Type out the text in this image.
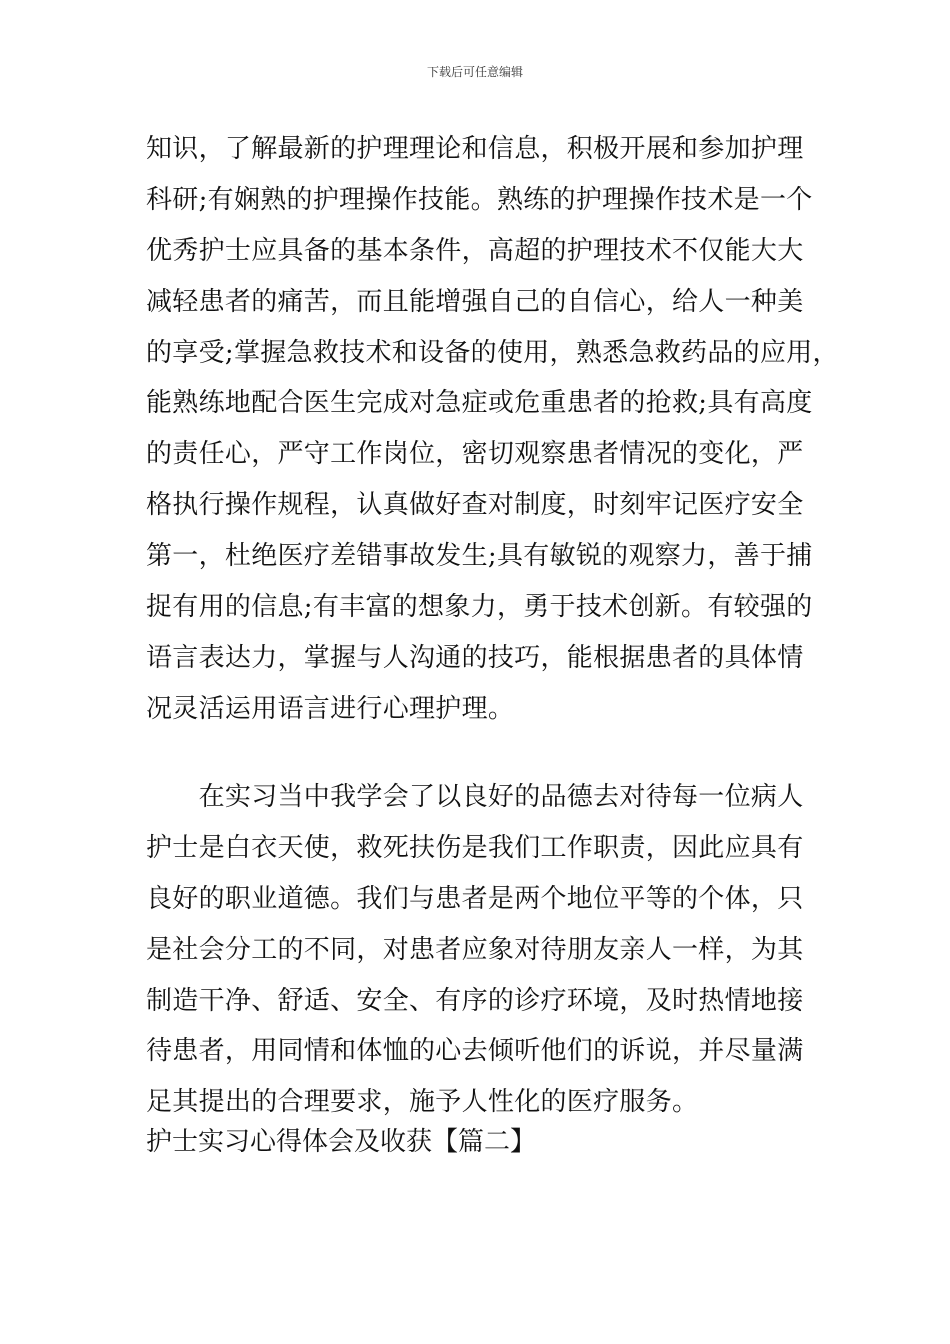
下载后可任意编辑
知识，了解最新的护理理论和信息，积极开展和参加护理
科研;有娴熟的护理操作技能。熟练的护理操作技术是一个
优秀护士应具备的基本条件，高超的护理技术不仅能大大
减轻患者的痛苦，而且能增强自己的自信心，给人一种美
的享受;掌握急救技术和设备的使用，熟悉急救药品的应用，
能熟练地配合医生完成对急症或危重患者的抢救;具有高度
的责任心，严守工作岗位，密切观察患者情况的变化，严
格执行操作规程，认真做好查对制度，时刻牢记医疗安全
第一，杜绝医疗差错事故发生;具有敏锐的观察力，善于捕
捉有用的信息;有丰富的想象力，勇于技术创新。有较强的
语言表达力，掌握与人沟通的技巧，能根据患者的具体情
况灵活运用语言进行心理护理。
　　在实习当中我学会了以良好的品德去对待每一位病人
护士是白衣天使，救死扶伤是我们工作职责，因此应具有
良好的职业道德。我们与患者是两个地位平等的个体，只
是社会分工的不同，对患者应象对待朋友亲人一样，为其
制造干净、舒适、安全、有序的诊疗环境，及时热情地接
待患者，用同情和体恤的心去倾听他们的诉说，并尽量满
足其提出的合理要求，施予人性化的医疗服务。
护士实习心得体会及收获【篇二】
